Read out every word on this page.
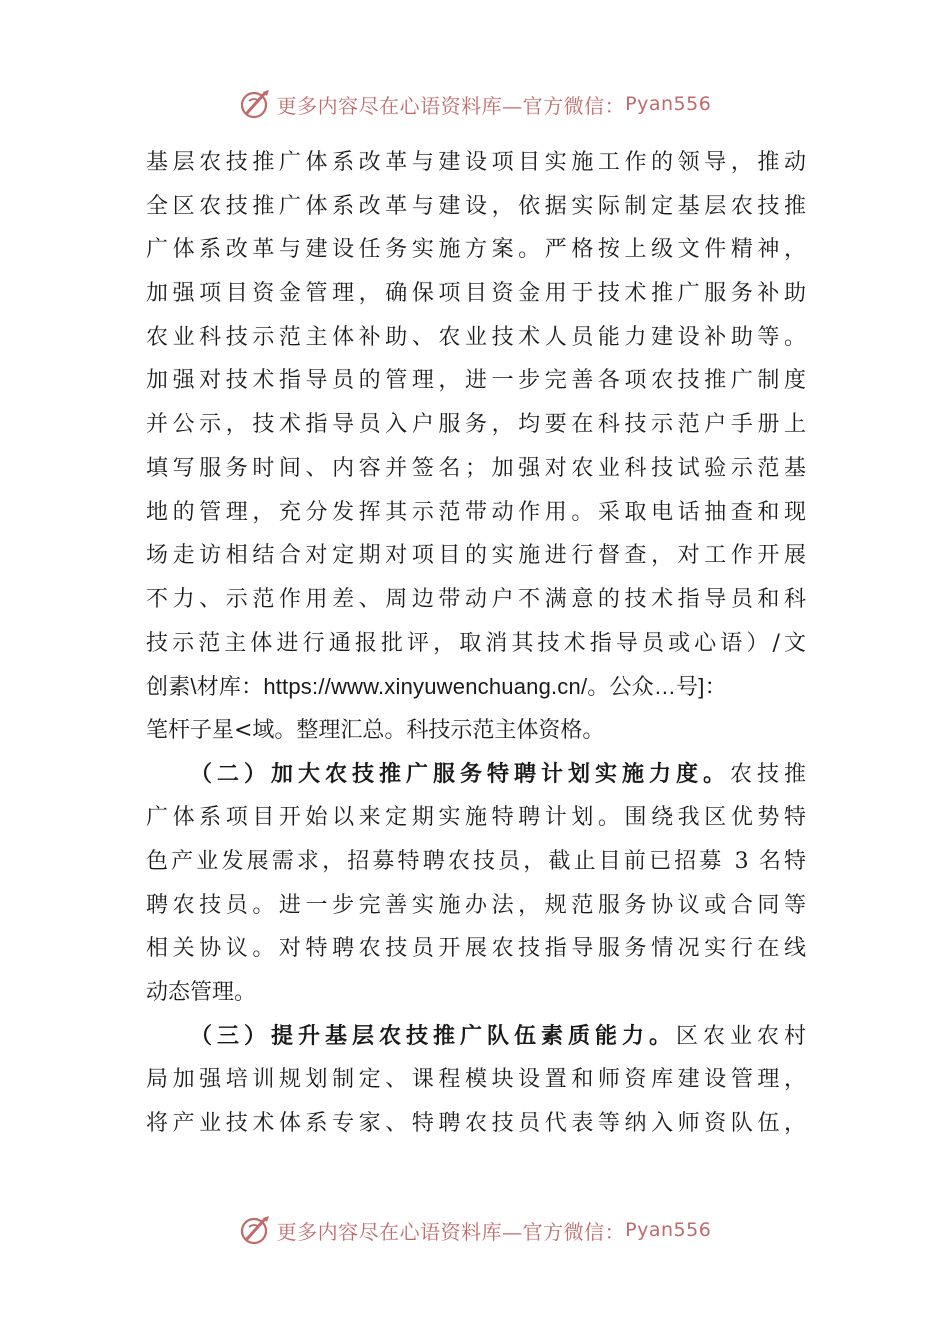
更多内容尽在心语资料库—官方微信： Pyan556
基层农技推广体系改革与建设项目实施工作的领导，推动
全区农技推广体系改革与建设，依据实际制定基层农技推
广体系改革与建设任务实施方案。严格按上级文件精神，
加强项目资金管理，确保项目资金用于技术推广服务补助
农业科技示范主体补助、农业技术人员能力建设补助等。
加强对技术指导员的管理，进一步完善各项农技推广制度
并公示，技术指导员入户服务，均要在科技示范户手册上
填写服务时间、内容并签名；加强对农业科技试验示范基
地的管理，充分发挥其示范带动作用。采取电话抽查和现
场走访相结合对定期对项目的实施进行督查，对工作开展
不力、示范作用差、周边带动户不满意的技术指导员和科
技示范主体进行通报批评，取消其技术指导员或心语）/文
创素\材库：https://www.xinyuwenchuang.cn/。公众…号]：
笔杆子星<域。整理汇总。科技示范主体资格。
（二）加大农技推广服务特聘计划实施力度。农技推
广体系项目开始以来定期实施特聘计划。围绕我区优势特
色产业发展需求，招募特聘农技员，截止目前已招募 3 名特
聘农技员。进一步完善实施办法，规范服务协议或合同等
相关协议。对特聘农技员开展农技指导服务情况实行在线
动态管理。
（三）提升基层农技推广队伍素质能力。区农业农村
局加强培训规划制定、课程模块设置和师资库建设管理，
将产业技术体系专家、特聘农技员代表等纳入师资队伍，
更多内容尽在心语资料库—官方微信： Pyan556
